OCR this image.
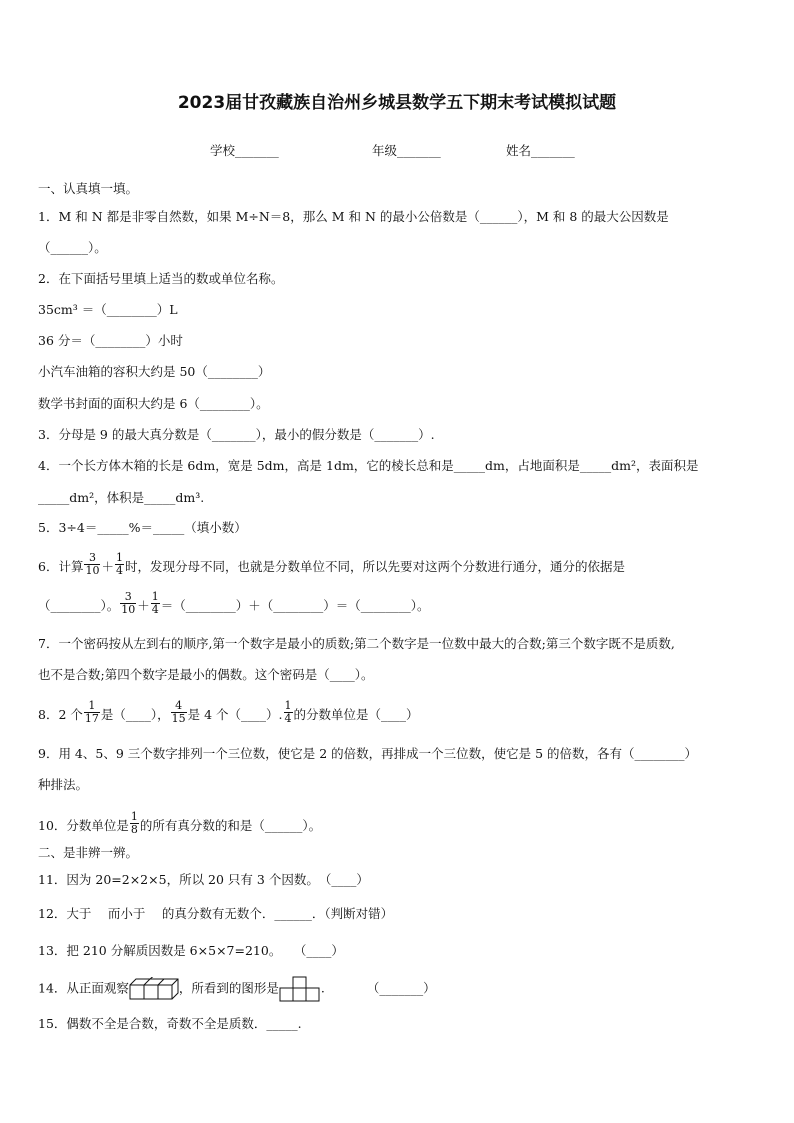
2023届甘孜藏族自治州乡城县数学五下期末考试模拟试题
学校_______	年级_______	姓名_______
一、认真填一填。
1．M 和 N 都是非零自然数，如果 M÷N＝8，那么 M 和 N 的最小公倍数是（______），M 和 8 的最大公因数是
（______）。
2．在下面括号里填上适当的数或单位名称。
35cm³ ＝（________）L
36 分＝（________）小时
小汽车油箱的容积大约是 50（________）
数学书封面的面积大约是 6（________）。
3．分母是 9 的最大真分数是（_______），最小的假分数是（_______）.
4．一个长方体木箱的长是 6dm，宽是 5dm，高是 1dm，它的棱长总和是_____dm，占地面积是_____dm²，表面积是
_____dm²，体积是_____dm³.
5．3÷4＝_____%＝_____（填小数）
6．计算 $\frac{3}{10} + \frac{1}{4}$ 时，发现分母不同，也就是分数单位不同，所以先要对这两个分数进行通分，通分的依据是
（________）。 $\frac{3}{10} + \frac{1}{4}$ ＝（________）＋（________）＝（________）。
7．一个密码按从左到右的顺序,第一个数字是最小的质数;第二个数字是一位数中最大的合数;第三个数字既不是质数,
也不是合数;第四个数字是最小的偶数。这个密码是（____）。
8．2 个 $\frac{1}{17}$ 是（____）， $\frac{4}{15}$ 是 4 个（____）. $\frac{1}{4}$ 的分数单位是（____）
9．用 4、5、9 三个数字排列一个三位数，使它是 2 的倍数，再排成一个三位数，使它是 5 的倍数，各有（________）
种排法。
10．分数单位是 $\frac{1}{8}$ 的所有真分数的和是（______）。
二、是非辨一辨。
11．因为 20=2×2×5，所以 20 只有 3 个因数。　（____）
12．大于　 而小于　 的真分数有无数个．______．（判断对错）
13．把 210 分解质因数是 6×5×7=210。　　（____）
14．从正面观察	，所看到的图形是	.	（_______）
15．偶数不全是合数，奇数不全是质数．_____.
